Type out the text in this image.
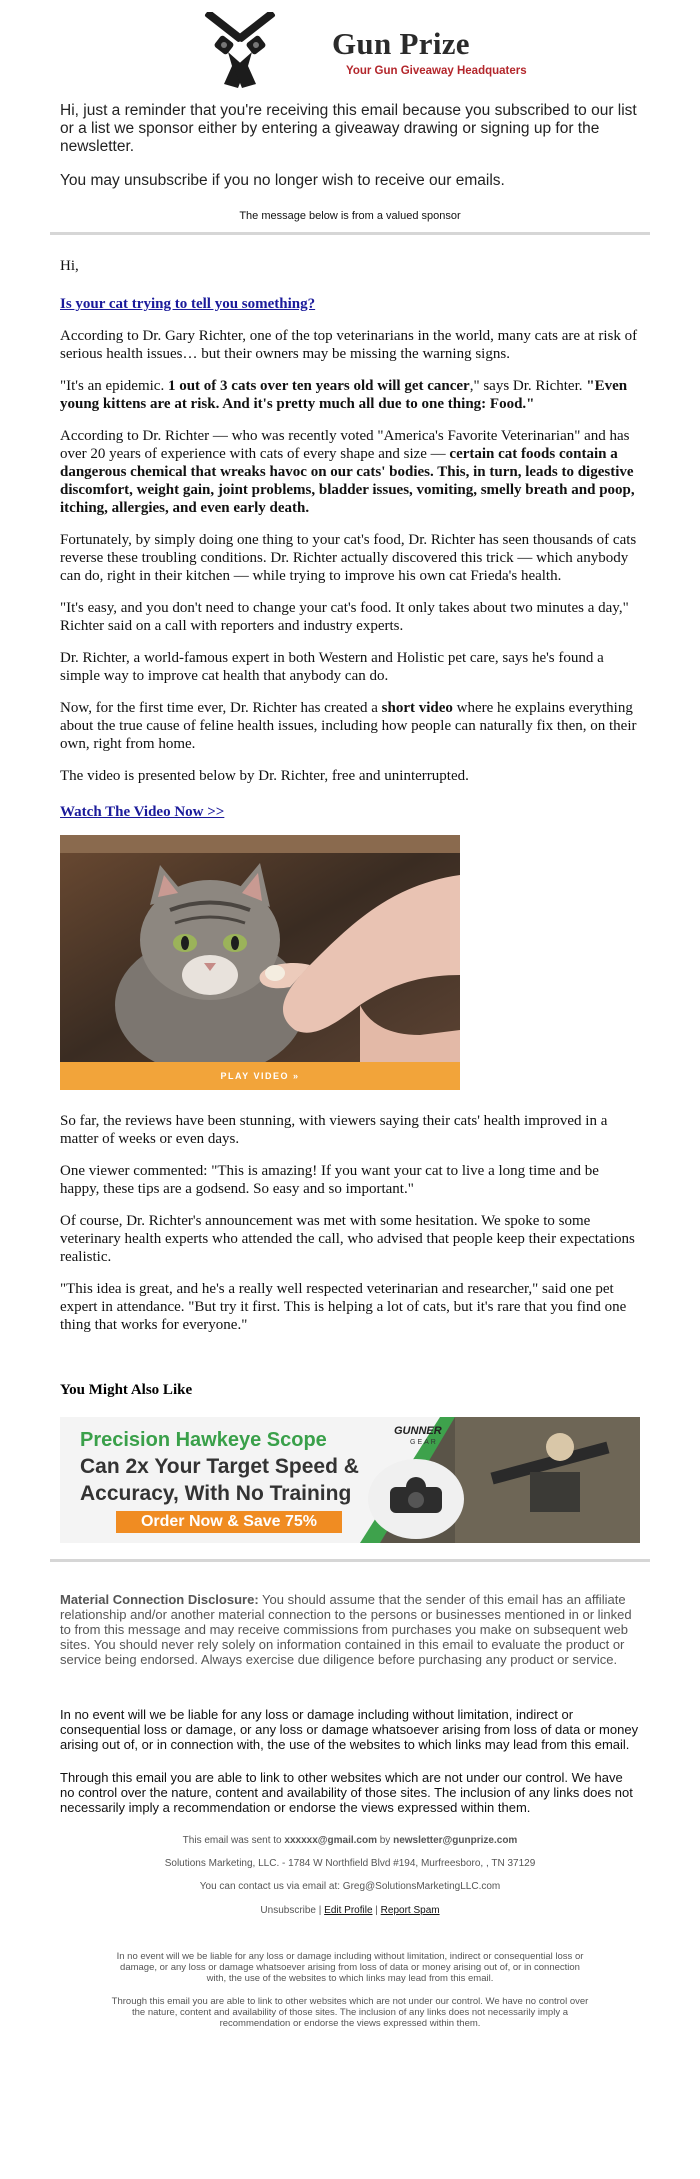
Gun Prize
Your Gun Giveaway Headquaters

Hi, just a reminder that you're receiving this email because you subscribed to our list or a list we sponsor either by entering a giveaway drawing or signing up for the newsletter.

You may unsubscribe if you no longer wish to receive our emails.

The message below is from a valued sponsor

Hi,

Is your cat trying to tell you something?

According to Dr. Gary Richter, one of the top veterinarians in the world, many cats are at risk of serious health issues… but their owners may be missing the warning signs.

"It's an epidemic. 1 out of 3 cats over ten years old will get cancer," says Dr. Richter. "Even young kittens are at risk. And it's pretty much all due to one thing: Food."

According to Dr. Richter — who was recently voted "America's Favorite Veterinarian" and has over 20 years of experience with cats of every shape and size — certain cat foods contain a dangerous chemical that wreaks havoc on our cats' bodies. This, in turn, leads to digestive discomfort, weight gain, joint problems, bladder issues, vomiting, smelly breath and poop, itching, allergies, and even early death.

Fortunately, by simply doing one thing to your cat's food, Dr. Richter has seen thousands of cats reverse these troubling conditions. Dr. Richter actually discovered this trick — which anybody can do, right in their kitchen — while trying to improve his own cat Frieda's health.

"It's easy, and you don't need to change your cat's food. It only takes about two minutes a day," Richter said on a call with reporters and industry experts.

Dr. Richter, a world-famous expert in both Western and Holistic pet care, says he's found a simple way to improve cat health that anybody can do.

Now, for the first time ever, Dr. Richter has created a short video where he explains everything about the true cause of feline health issues, including how people can naturally fix then, on their own, right from home.

The video is presented below by Dr. Richter, free and uninterrupted.

Watch The Video Now >>

PLAY VIDEO »

So far, the reviews have been stunning, with viewers saying their cats' health improved in a matter of weeks or even days.

One viewer commented: "This is amazing! If you want your cat to live a long time and be happy, these tips are a godsend. So easy and so important."

Of course, Dr. Richter's announcement was met with some hesitation. We spoke to some veterinary health experts who attended the call, who advised that people keep their expectations realistic.

"This idea is great, and he's a really well respected veterinarian and researcher," said one pet expert in attendance. "But try it first. This is helping a lot of cats, but it's rare that you find one thing that works for everyone."

You Might Also Like
Precision Hawkeye Scope
Can 2x Your Target Speed &
Accuracy, With No Training
Order Now & Save 75%
GUNNER
GEAR

Material Connection Disclosure: You should assume that the sender of this email has an affiliate relationship and/or another material connection to the persons or businesses mentioned in or linked to from this message and may receive commissions from purchases you make on subsequent web sites. You should never rely solely on information contained in this email to evaluate the product or service being endorsed. Always exercise due diligence before purchasing any product or service.

In no event will we be liable for any loss or damage including without limitation, indirect or consequential loss or damage, or any loss or damage whatsoever arising from loss of data or money arising out of, or in connection with, the use of the websites to which links may lead from this email.

Through this email you are able to link to other websites which are not under our control. We have no control over the nature, content and availability of those sites. The inclusion of any links does not necessarily imply a recommendation or endorse the views expressed within them.

This email was sent to xxxxxx@gmail.com by newsletter@gunprize.com

Solutions Marketing, LLC. - 1784 W Northfield Blvd #194, Murfreesboro, , TN 37129

You can contact us via email at: Greg@SolutionsMarketingLLC.com

Unsubscribe | Edit Profile | Report Spam

In no event will we be liable for any loss or damage including without limitation, indirect or consequential loss or damage, or any loss or damage whatsoever arising from loss of data or money arising out of, or in connection with, the use of the websites to which links may lead from this email.

Through this email you are able to link to other websites which are not under our control. We have no control over the nature, content and availability of those sites. The inclusion of any links does not necessarily imply a recommendation or endorse the views expressed within them.
